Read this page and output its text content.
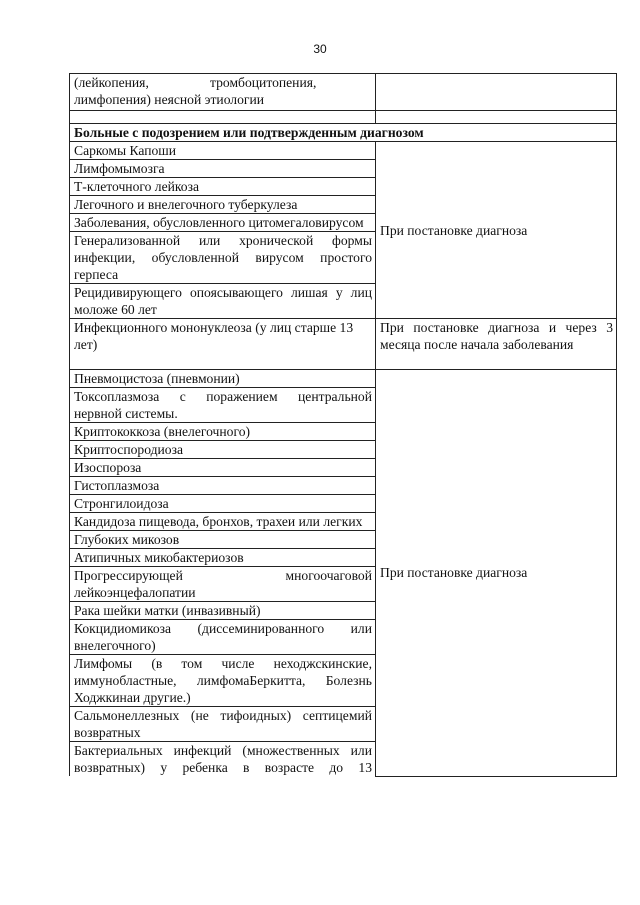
30
(лейкопения,                  тромбоцитопения,
лимфопения) неясной этиологии	

Больные с подозрением или подтвержденным диагнозом	
Саркомы Капоши	При постановке диагноза
Лимфомымозга	
Т-клеточного лейкоза	
Легочного и внелегочного туберкулеза	
Заболевания, обусловленного цитомегаловирусом	
Генерализованной или хронической формы инфекции, обусловленной вирусом простого герпеса	
Рецидивирующего опоясывающего лишая у лиц моложе 60 лет	
Инфекционного мононуклеоза (у лиц старше 13 лет)	При постановке диагноза и через 3 месяца после начала заболевания
Пневмоцистоза (пневмонии)	При постановке диагноза
Токсоплазмоза с поражением центральной нервной системы.	
Криптококкоза (внелегочного)	
Криптоспородиоза	
Изоспороза	
Гистоплазмоза	
Стронгилоидоза	
Кандидоза пищевода, бронхов, трахеи или легких	
Глубоких микозов	
Атипичных микобактериозов	
Прогрессирующей многоочаговой лейкоэнцефалопатии	
Рака шейки матки (инвазивный)	
Кокцидиомикоза (диссеминированного или внелегочного)	
Лимфомы (в том числе неходжскинские, иммунобластные, лимфомаБеркитта, Болезнь Ходжкинаи другие.)	
Сальмонеллезных (не тифоидных) септицемий возвратных	
Бактериальных инфекций (множественных или возвратных) у ребенка в возрасте до 13	
